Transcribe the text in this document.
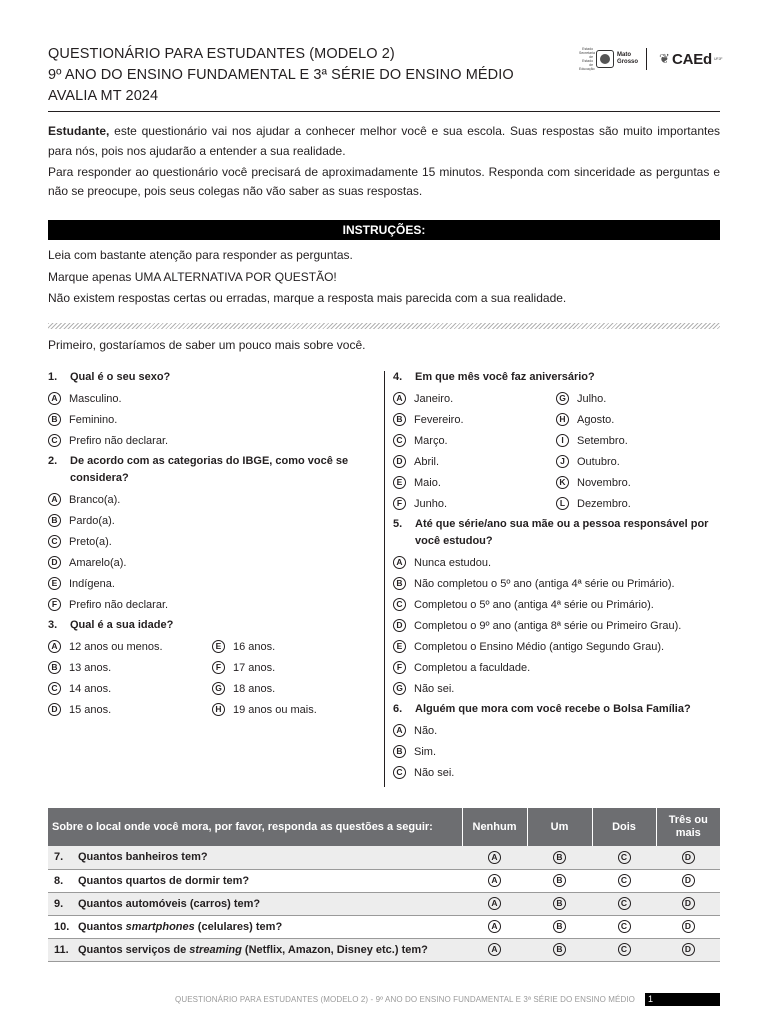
QUESTIONÁRIO PARA ESTUDANTES (MODELO 2)
9º ANO DO ENSINO FUNDAMENTAL E 3ª SÉRIE DO ENSINO MÉDIO
AVALIA MT 2024
Estado Secretaria de Estado de Educação
Mato
Grosso ❦ CAEd UFJF

Estudante, este questionário vai nos ajudar a conhecer melhor você e sua escola. Suas respostas são muito importantes para nós, pois nos ajudarão a entender a sua realidade.

Para responder ao questionário você precisará de aproximadamente 15 minutos. Responda com sinceridade as perguntas e não se preocupe, pois seus colegas não vão saber as suas respostas.

INSTRUÇÕES:
Leia com bastante atenção para responder as perguntas.
Marque apenas UMA ALTERNATIVA POR QUESTÃO!
Não existem respostas certas ou erradas, marque a resposta mais parecida com a sua realidade.
Primeiro, gostaríamos de saber um pouco mais sobre você.
1.	Qual é o seu sexo?
A	Masculino.
B	Feminino.
C	Prefiro não declarar.
2.	De acordo com as categorias do IBGE, como você se considera?
A	Branco(a).
B	Pardo(a).
C	Preto(a).
D	Amarelo(a).
E	Indígena.
F	Prefiro não declarar.
3.	Qual é a sua idade?
A	12 anos ou menos.	E	16 anos.
B	13 anos.	F	17 anos.
C	14 anos.	G 18 anos.
D	15 anos.	H	19 anos ou mais.
4.	Em que mês você faz aniversário?
A	Janeiro.	G Julho.
B	Fevereiro.	H	Agosto.
C	Março.	I	Setembro.
D	Abril.	J	Outubro.
E	Maio.	K	Novembro.
F	Junho.	L	Dezembro.
5.	Até que série/ano sua mãe ou a pessoa responsável por você estudou?
A	Nunca estudou.
B	Não completou o 5º ano (antiga 4ª série ou Primário).
C	Completou o 5º ano (antiga 4ª série ou Primário).
D	Completou o 9º ano (antiga 8ª série ou Primeiro Grau).
E	Completou o Ensino Médio (antigo Segundo Grau).
F	Completou a faculdade.
G Não sei.
6.	Alguém que mora com você recebe o Bolsa Família?
A	Não.
B	Sim.
C	Não sei.
Sobre o local onde você mora, por favor, responda as questões a seguir:	Nenhum	Um	Dois	Três ou mais
7. Quantos banheiros tem?	A	B	C	D

8. Quantos quartos de dormir tem?	A	B	C	D

9. Quantos automóveis (carros) tem?	A	B	C	D

10. Quantos smartphones (celulares) tem?	A	B	C	D

11. Quantos serviços de streaming (Netflix, Amazon, Disney etc.) tem?	A	B	C	D
QUESTIONÁRIO PARA ESTUDANTES (MODELO 2) - 9º ANO DO ENSINO FUNDAMENTAL E 3ª SÉRIE DO ENSINO MÉDIO	1
